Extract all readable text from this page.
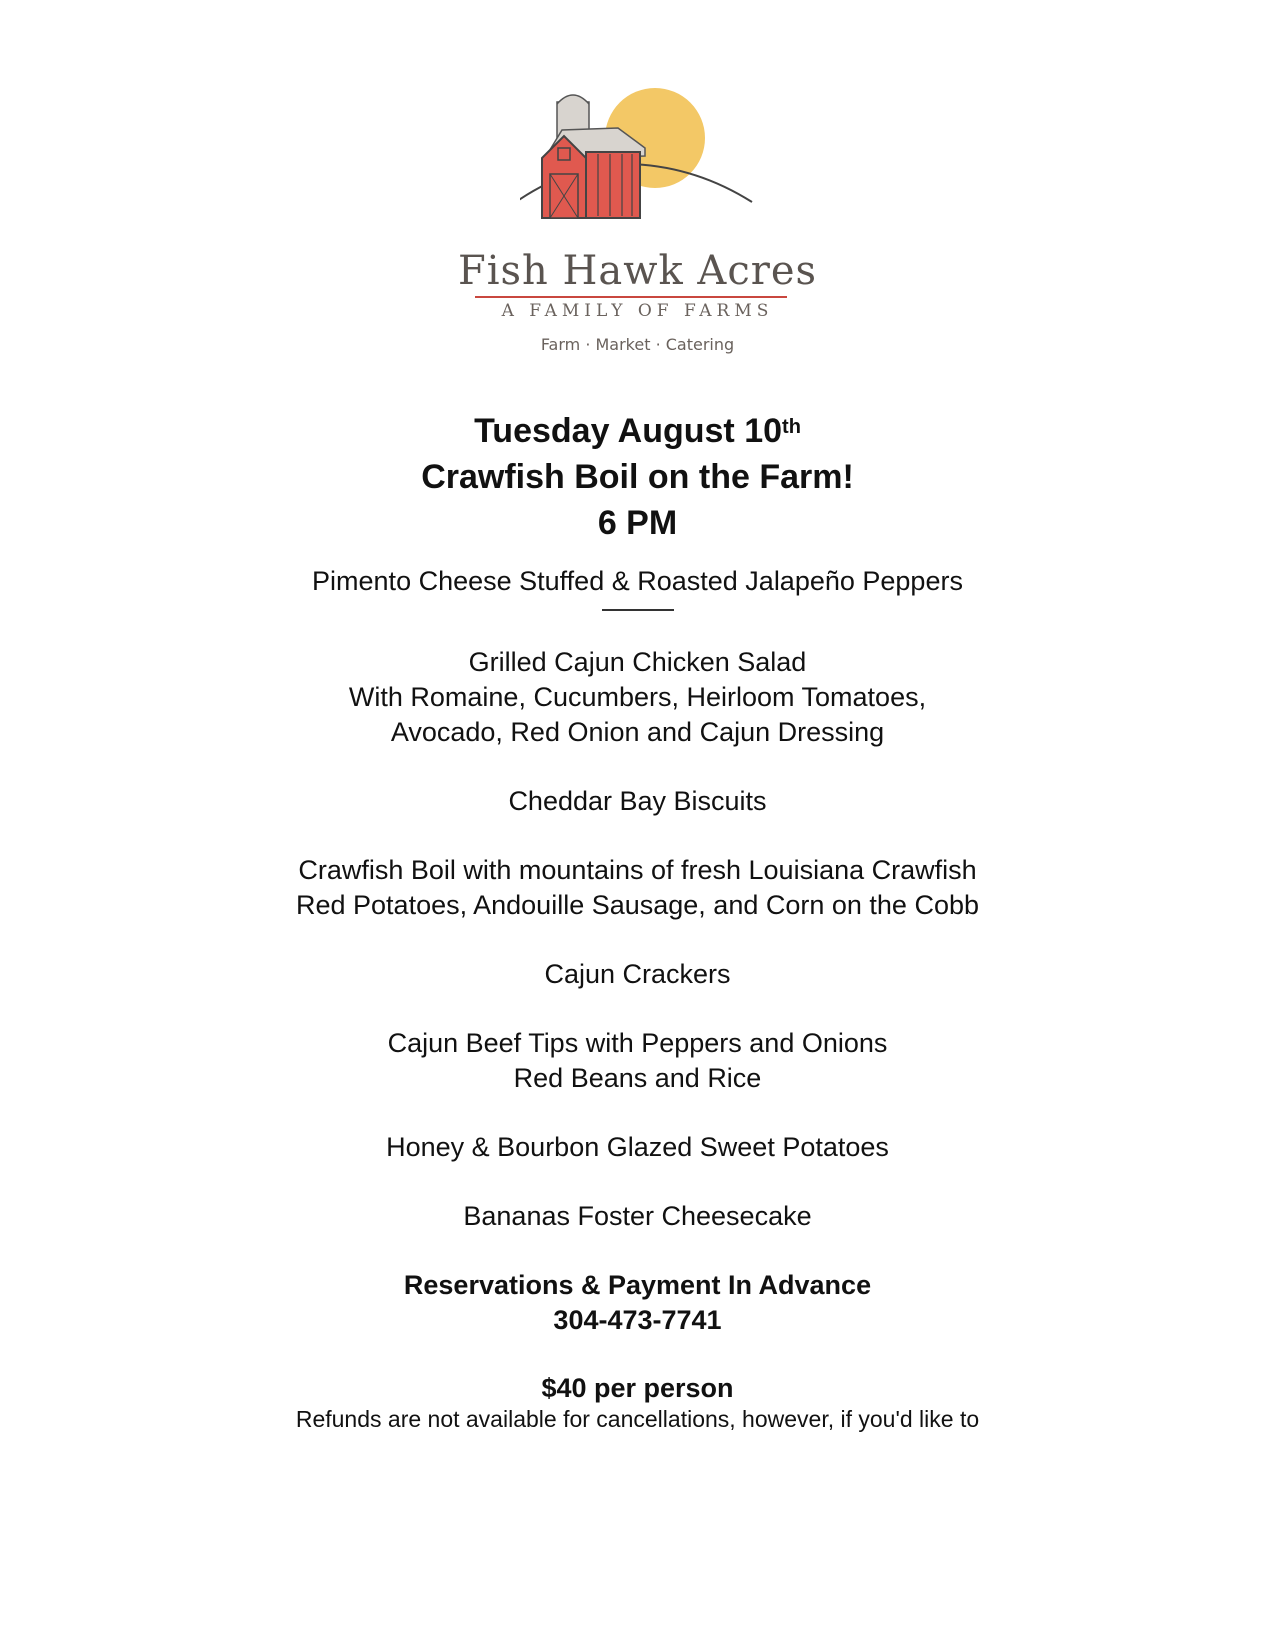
Fish Hawk Acres
A FAMILY OF FARMS
Farm · Market · Catering
Tuesday August 10th
Crawfish Boil on the Farm!
6 PM
Pimento Cheese Stuffed & Roasted Jalapeño Peppers
Grilled Cajun Chicken Salad
With Romaine, Cucumbers, Heirloom Tomatoes,
Avocado, Red Onion and Cajun Dressing
Cheddar Bay Biscuits
Crawfish Boil with mountains of fresh Louisiana Crawfish
Red Potatoes, Andouille Sausage, and Corn on the Cobb
Cajun Crackers
Cajun Beef Tips with Peppers and Onions
Red Beans and Rice
Honey & Bourbon Glazed Sweet Potatoes
Bananas Foster Cheesecake
Reservations & Payment In Advance
304-473-7741
$40 per person
Refunds are not available for cancellations, however, if you'd like to
